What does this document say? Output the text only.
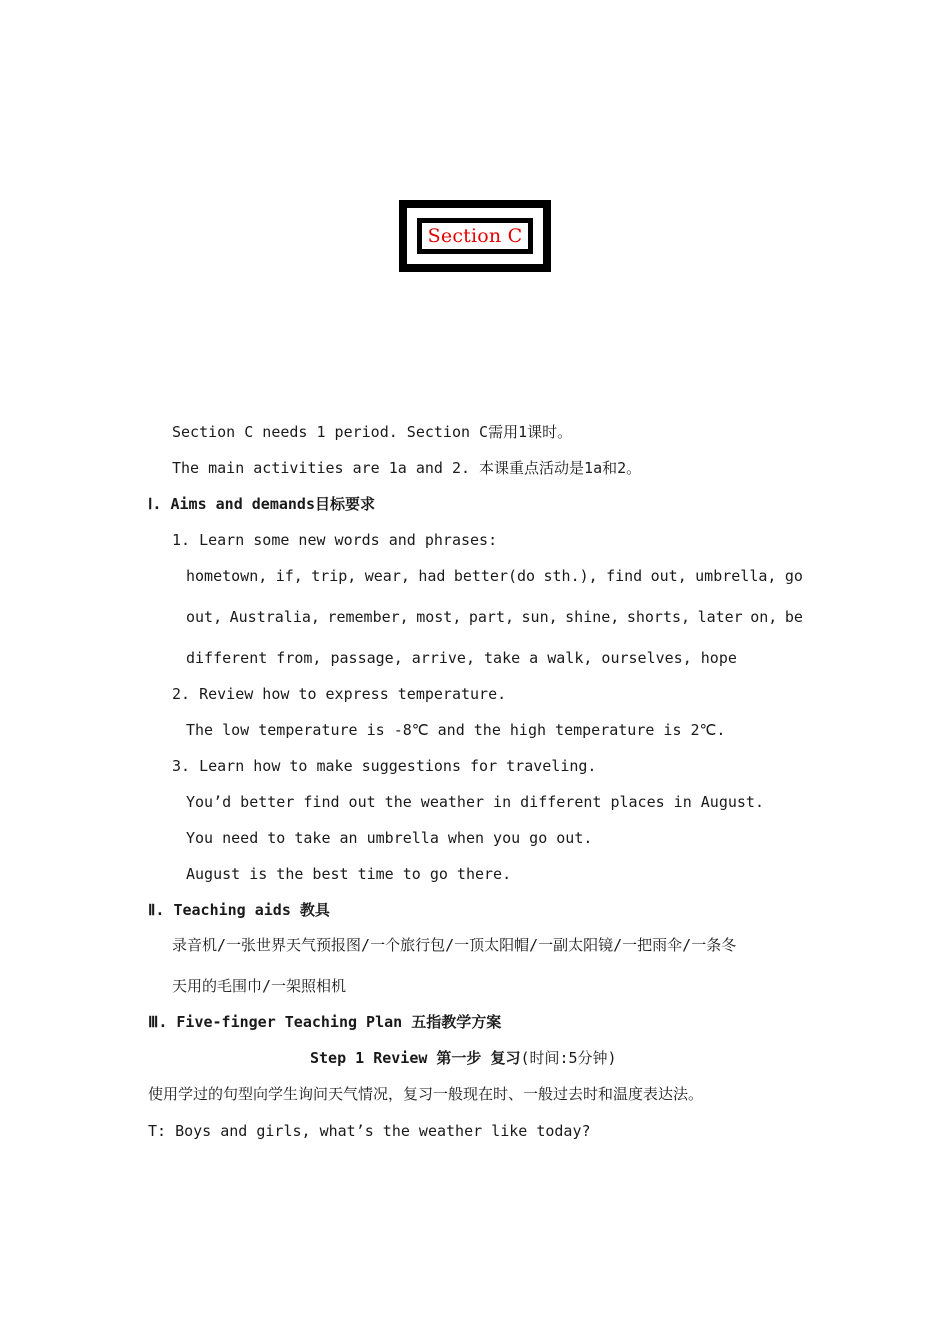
Section C
Section C needs 1 period. Section C需用1课时。
The main activities are 1a and 2. 本课重点活动是1a和2。
Ⅰ. Aims and demands目标要求
1. Learn some new words and phrases:
hometown, if, trip, wear, had better(do sth.), find out, umbrella, go
out, Australia, remember, most, part, sun, shine, shorts, later on, be
different from, passage, arrive, take a walk, ourselves, hope
2. Review how to express temperature.
The low temperature is -8℃ and the high temperature is 2℃.
3. Learn how to make suggestions for traveling.
You’d better find out the weather in different places in August.
You need to take an umbrella when you go out.
August is the best time to go there.
Ⅱ. Teaching aids 教具
录音机/一张世界天气预报图/一个旅行包/一顶太阳帽/一副太阳镜/一把雨伞/一条冬
天用的毛围巾/一架照相机
Ⅲ. Five-finger Teaching Plan 五指教学方案
Step 1 Review 第一步 复习(时间:5分钟)
使用学过的句型向学生询问天气情况，复习一般现在时、一般过去时和温度表达法。
T: Boys and girls, what’s the weather like today?
